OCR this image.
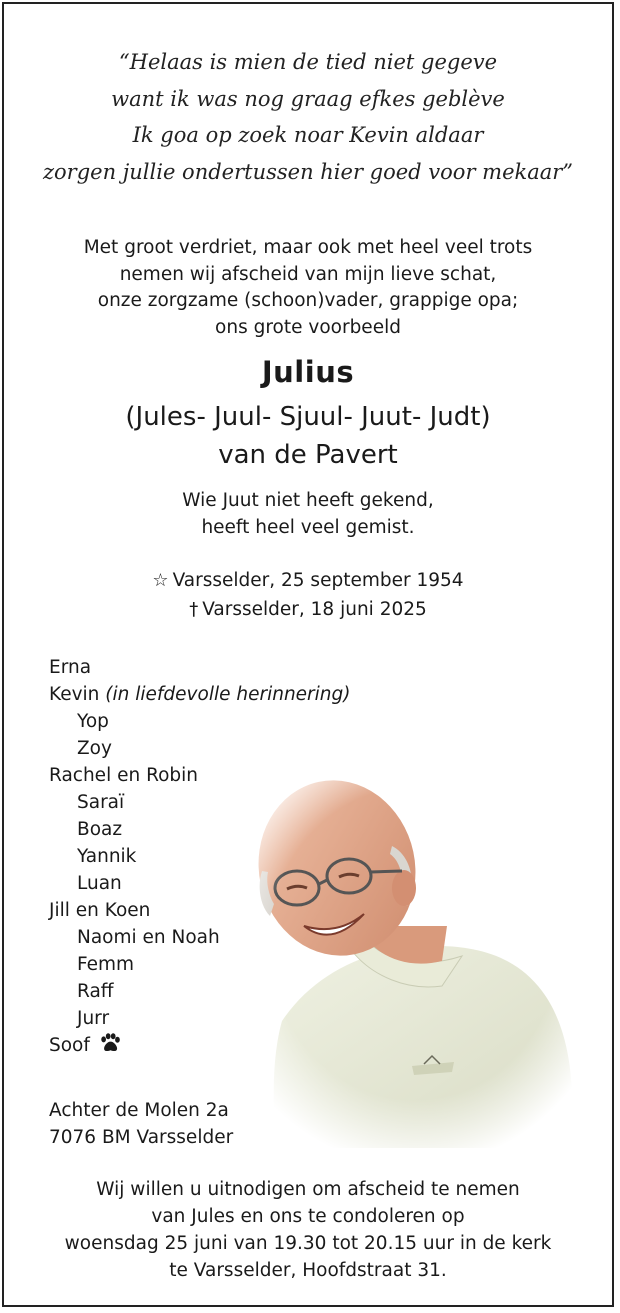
“Helaas is mien de tied niet gegeve
want ik was nog graag efkes geblève
Ik goa op zoek noar Kevin aldaar
zorgen jullie ondertussen hier goed voor mekaar”
Met groot verdriet, maar ook met heel veel trots
nemen wij afscheid van mijn lieve schat,
onze zorgzame (schoon)vader, grappige opa;
ons grote voorbeeld
Julius
(Jules- Juul- Sjuul- Juut- Judt)
van de Pavert
Wie Juut niet heeft gekend,
heeft heel veel gemist.
☆ Varsselder, 25 september 1954
† Varsselder, 18 juni 2025
Erna
Kevin (in liefdevolle herinnering)
Yop
Zoy
Rachel en Robin
Saraï
Boaz
Yannik
Luan
Jill en Koen
Naomi en Noah
Femm
Raff
Jurr
Soof
Achter de Molen 2a
7076 BM Varsselder
Wij willen u uitnodigen om afscheid te nemen
van Jules en ons te condoleren op
woensdag 25 juni van 19.30 tot 20.15 uur in de kerk
te Varsselder, Hoofdstraat 31.
